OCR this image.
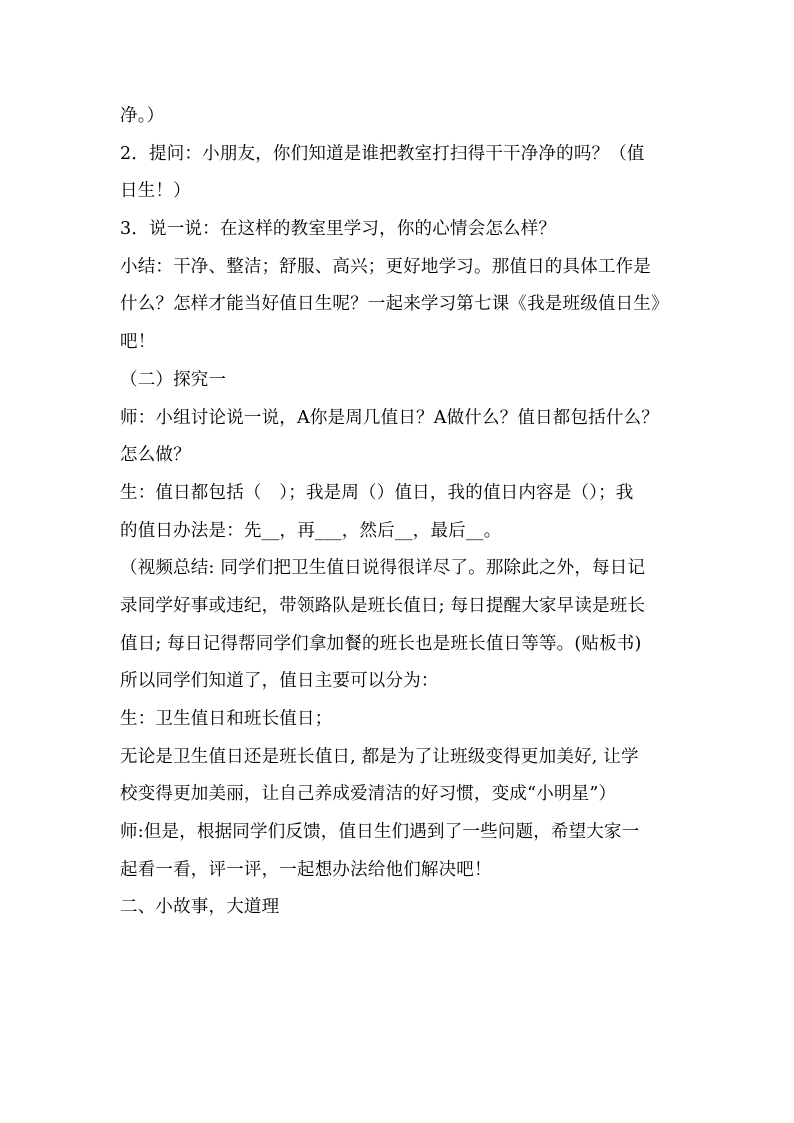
净。）
2．提问：小朋友，你们知道是谁把教室打扫得干干净净的吗？（值
日生！）
3．说一说：在这样的教室里学习，你的心情会怎么样？
小结：干净、整洁；舒服、高兴；更好地学习。那值日的具体工作是
什么？怎样才能当好值日生呢？一起来学习第七课《我是班级值日生》
吧！
（二）探究一
师：小组讨论说一说，A你是周几值日？A做什么？值日都包括什么？
怎么做？
生：值日都包括（　）；我是周（）值日，我的值日内容是（）；我
的值日办法是：先__，再___，然后__，最后__。
（视频总结: 同学们把卫生值日说得很详尽了。那除此之外，每日记
录同学好事或违纪，带领路队是班长值日; 每日提醒大家早读是班长
值日; 每日记得帮同学们拿加餐的班长也是班长值日等等。(贴板书)
所以同学们知道了，值日主要可以分为：
生：卫生值日和班长值日；
无论是卫生值日还是班长值日, 都是为了让班级变得更加美好, 让学
校变得更加美丽，让自己养成爱清洁的好习惯，变成“小明星”）
师:但是，根据同学们反馈，值日生们遇到了一些问题，希望大家一
起看一看，评一评，一起想办法给他们解决吧！
二、小故事，大道理
